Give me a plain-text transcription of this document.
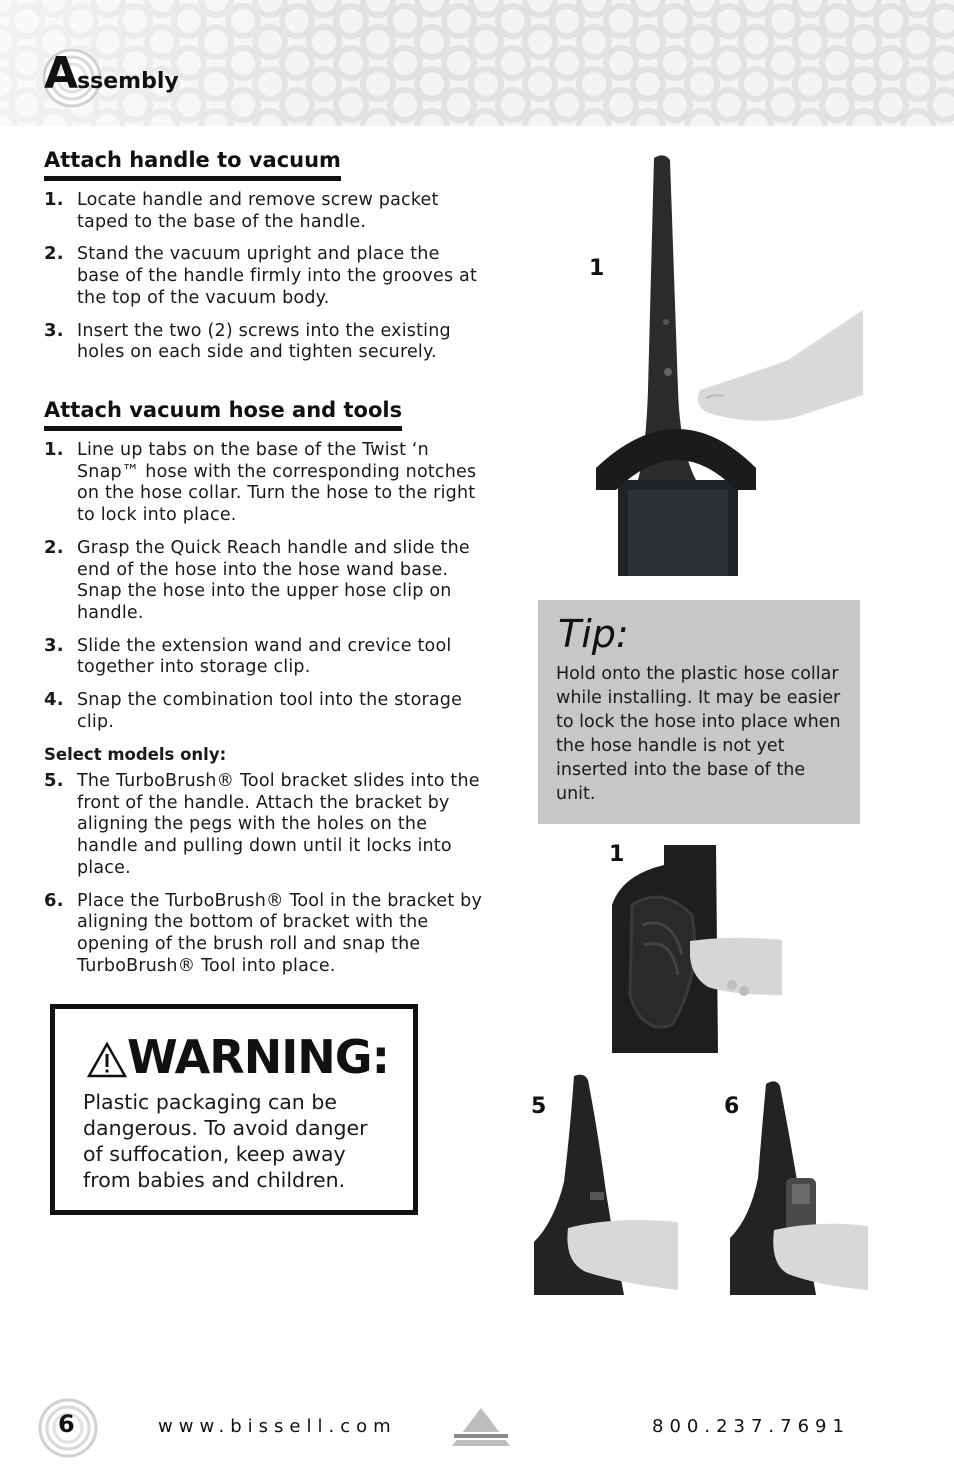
Assembly
Attach handle to vacuum
1. Locate handle and remove screw packet taped to the base of the handle.
2. Stand the vacuum upright and place the base of the handle firmly into the grooves at the top of the vacuum body.
3. Insert the two (2) screws into the existing holes on each side and tighten securely.
Attach vacuum hose and tools
1. Line up tabs on the base of the Twist ‘n Snap™ hose with the corresponding notches on the hose collar. Turn the hose to the right to lock into place.
2. Grasp the Quick Reach handle and slide the end of the hose into the hose wand base. Snap the hose into the upper hose clip on handle.
3. Slide the extension wand and crevice tool together into storage clip.
4. Snap the combination tool into the storage clip.

Select models only:

5. The TurboBrush® Tool bracket slides into the front of the handle. Attach the bracket by aligning the pegs with the holes on the handle and pulling down until it locks into place.
6. Place the TurboBrush® Tool in the bracket by aligning the bottom of bracket with the opening of the brush roll and snap the TurboBrush® Tool into place.
WARNING:

Plastic packaging can be dangerous. To avoid danger of suffocation, keep away from babies and children.

1

Tip:

Hold onto the plastic hose collar while installing. It may be easier to lock the hose into place when the hose handle is not yet inserted into the base of the unit.

1
5	6
6	www.bissell.com	800.237.7691
